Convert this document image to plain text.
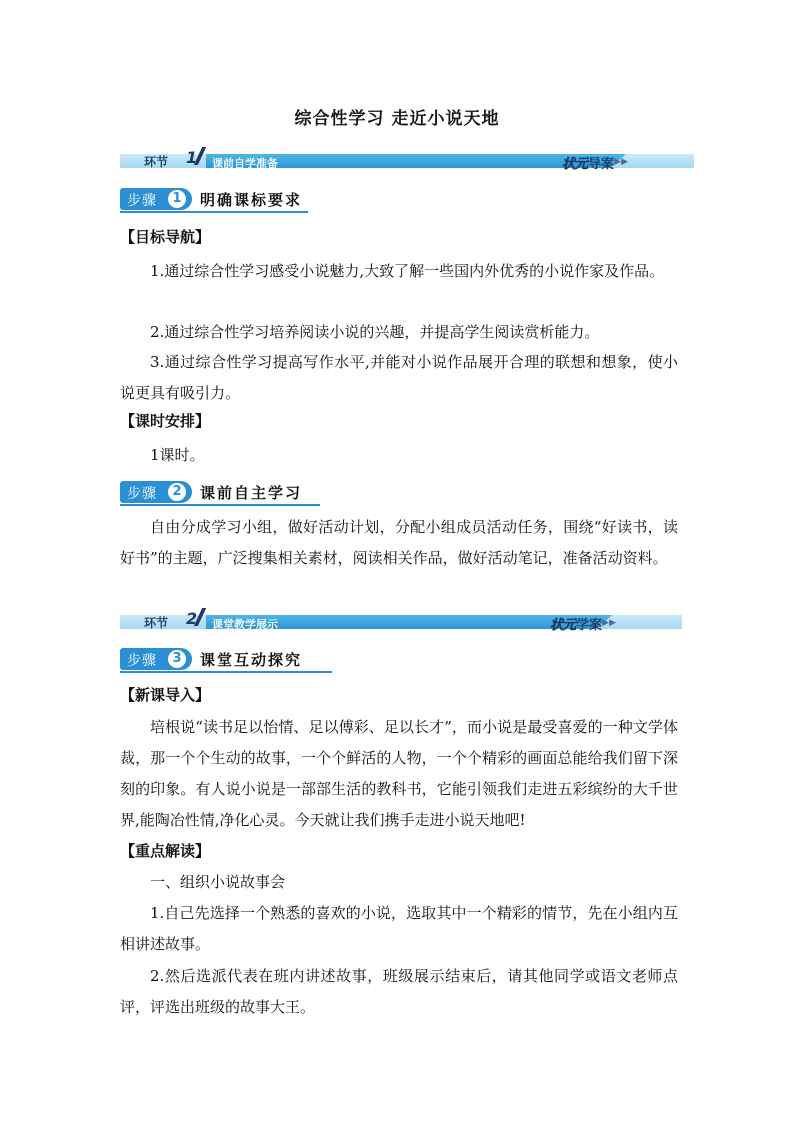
综合性学习 走近小说天地
环节 1 课前自学准备	状元导案 ▶▶
步骤	1 明确课标要求
【目标导航】
1.通过综合性学习感受小说魅力,大致了解一些国内外优秀的小说作家及作品。
2.通过综合性学习培养阅读小说的兴趣，并提高学生阅读赏析能力。
3.通过综合性学习提高写作水平,并能对小说作品展开合理的联想和想象，使小说更具有吸引力。
【课时安排】
1课时。
步骤	2 课前自主学习
自由分成学习小组，做好活动计划，分配小组成员活动任务，围绕“好读书，读好书”的主题，广泛搜集相关素材，阅读相关作品，做好活动笔记，准备活动资料。
环节 2 课堂教学展示	状元学案 ▶▶
步骤	3 课堂互动探究
【新课导入】
培根说“读书足以怡情、足以傅彩、足以长才”，而小说是最受喜爱的一种文学体裁，那一个个生动的故事，一个个鲜活的人物，一个个精彩的画面总能给我们留下深刻的印象。有人说小说是一部部生活的教科书，它能引领我们走进五彩缤纷的大千世界,能陶冶性情,净化心灵。今天就让我们携手走进小说天地吧!
【重点解读】
一、组织小说故事会
1.自己先选择一个熟悉的喜欢的小说，选取其中一个精彩的情节，先在小组内互相讲述故事。
2.然后选派代表在班内讲述故事，班级展示结束后，请其他同学或语文老师点评，评选出班级的故事大王。
